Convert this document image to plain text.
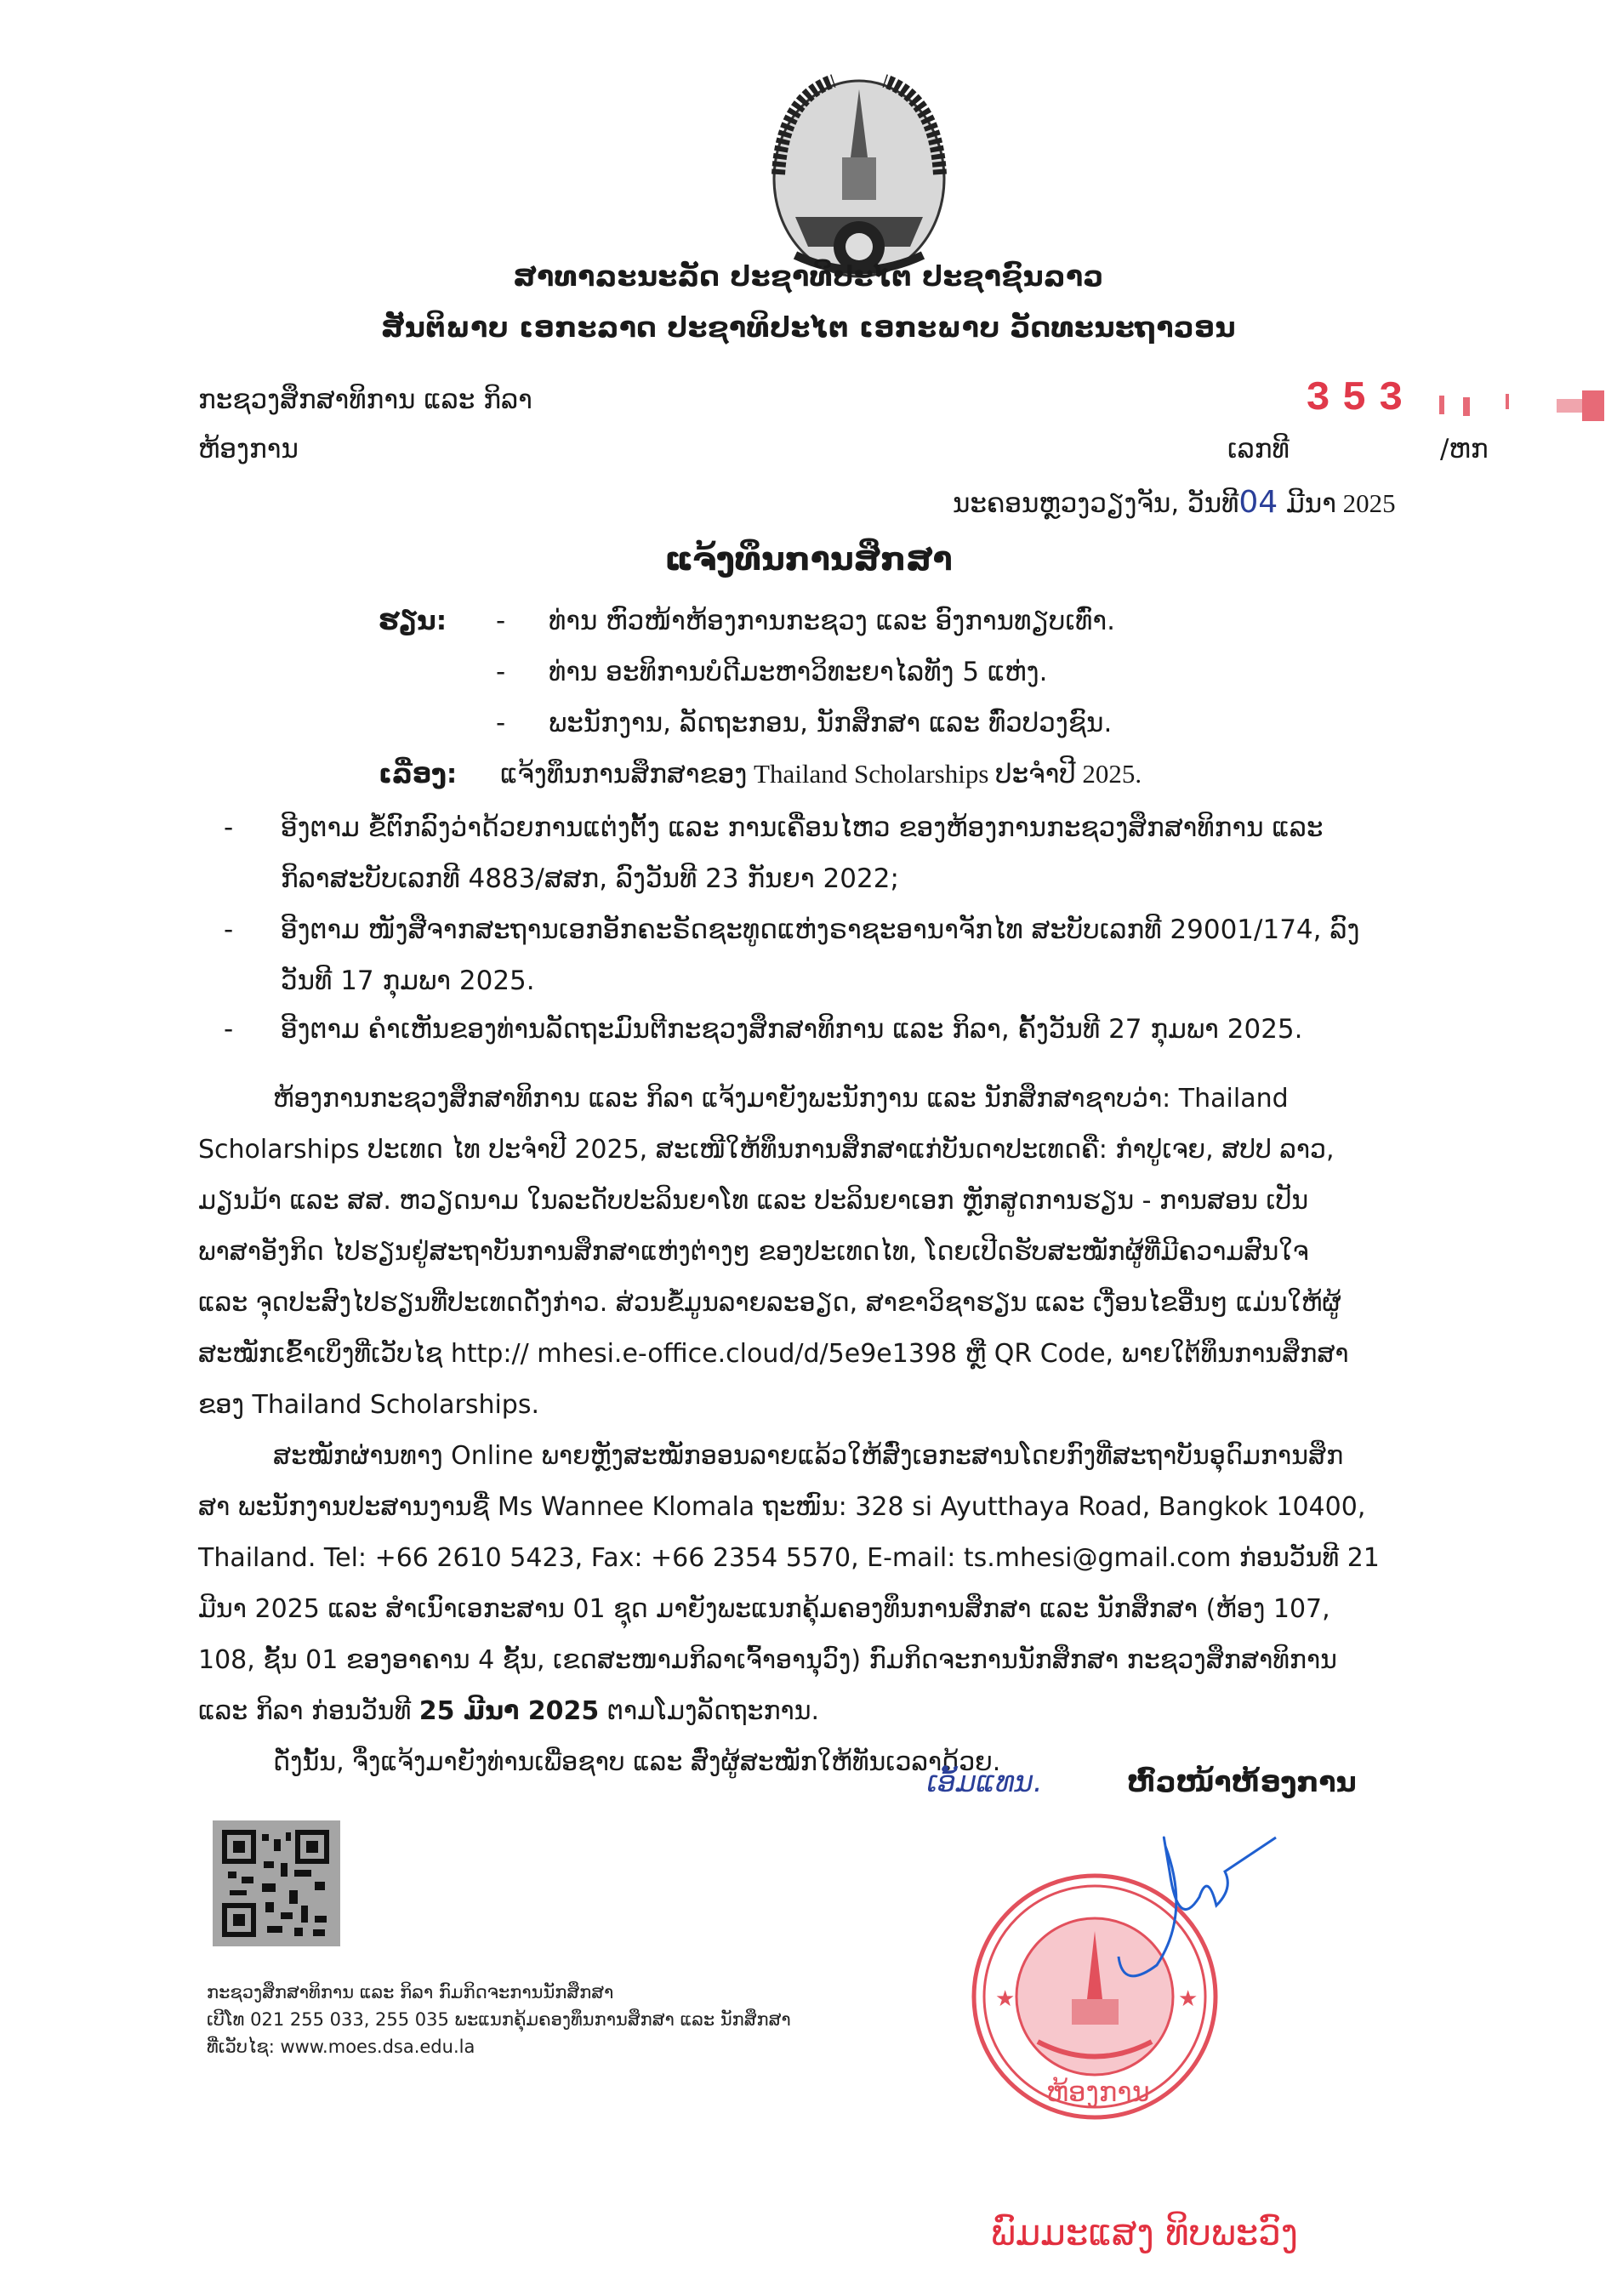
ສາທາລະນະລັດ ປະຊາທິປະໄຕ ປະຊາຊົນລາວ
ສັນຕິພາບ ເອກະລາດ ປະຊາທິປະໄຕ ເອກະພາບ ວັດທະນະຖາວອນ
ກະຊວງສຶກສາທິການ ແລະ ກິລາ
ຫ້ອງການ
353
ເລກທີ	/ຫກ
ນະຄອນຫຼວງວຽງຈັນ, ວັນທີ04 ມີນາ 2025
ແຈ້ງທຶນການສຶກສາ
ຮຽນ: - ທ່ານ ຫົວໜ້າຫ້ອງການກະຊວງ ແລະ ອົງການທຽບເທົ່າ.
- ທ່ານ ອະທິການບໍດີມະຫາວິທະຍາໄລທັງ 5 ແຫ່ງ.
- ພະນັກງານ, ລັດຖະກອນ, ນັກສຶກສາ ແລະ ທົ່ວປວງຊົນ.
ເລື່ອງ: ແຈ້ງທຶນການສຶກສາຂອງ Thailand Scholarships ປະຈໍາປີ 2025.
- ອີງຕາມ ຂໍ້ຕົກລົງວ່າດ້ວຍການແຕ່ງຕັ້ງ ແລະ ການເຄື່ອນໄຫວ ຂອງຫ້ອງການກະຊວງສຶກສາທິການ ແລະ
ກິລາສະບັບເລກທີ 4883/ສສກ, ລົງວັນທີ 23 ກັນຍາ 2022;
- ອີງຕາມ ໜັງສືຈາກສະຖານເອກອັກຄະຣັດຊະທູດແຫ່ງຣາຊະອານາຈັກໄທ ສະບັບເລກທີ 29001/174, ລົງ
ວັນທີ 17 ກຸມພາ 2025.
- ອີງຕາມ ຄໍາເຫັນຂອງທ່ານລັດຖະມົນຕີກະຊວງສຶກສາທິການ ແລະ ກິລາ, ຄັ້ງວັນທີ 27 ກຸມພາ 2025.
ຫ້ອງການກະຊວງສຶກສາທິການ ແລະ ກິລາ ແຈ້ງມາຍັງພະນັກງານ ແລະ ນັກສຶກສາຊາບວ່າ: Thailand
Scholarships ປະເທດ ໄທ ປະຈໍາປີ 2025, ສະເໜີໃຫ້ທຶນການສຶກສາແກ່ບັນດາປະເທດຄື: ກໍາປູເຈຍ, ສປປ ລາວ,
ມຽນມ້າ ແລະ ສສ. ຫວຽດນາມ ໃນລະດັບປະລິນຍາໂທ ແລະ ປະລິນຍາເອກ ຫຼັກສູດການຮຽນ - ການສອນ ເປັນ
ພາສາອັງກິດ ໄປຮຽນຢູ່ສະຖາບັນການສຶກສາແຫ່ງຕ່າງໆ ຂອງປະເທດໄທ, ໂດຍເປີດຮັບສະໝັກຜູ້ທີ່ມີຄວາມສົນໃຈ
ແລະ ຈຸດປະສົງໄປຮຽນທີ່ປະເທດດັ່ງກ່າວ. ສ່ວນຂໍ້ມູນລາຍລະອຽດ, ສາຂາວິຊາຮຽນ ແລະ ເງື່ອນໄຂອື່ນໆ ແມ່ນໃຫ້ຜູ້
ສະໝັກເຂົ້າເບິ່ງທີ່ເວັບໄຊ http:// mhesi.e-office.cloud/d/5e9e1398 ຫຼື QR Code, ພາຍໃຕ້ທຶນການສຶກສາ
ຂອງ Thailand Scholarships.
ສະໝັກຜ່ານທາງ Online ພາຍຫຼັງສະໝັກອອນລາຍແລ້ວໃຫ້ສົ່ງເອກະສານໂດຍກົງທີ່ສະຖາບັນອຸດົມການສຶກ
ສາ ພະນັກງານປະສານງານຊື່ Ms Wannee Klomala ຖະໜົນ: 328 si Ayutthaya Road, Bangkok 10400,
Thailand. Tel: +66 2610 5423, Fax: +66 2354 5570, E-mail: ts.mhesi@gmail.com ກ່ອນວັນທີ 21
ມີນາ 2025 ແລະ ສໍາເນົາເອກະສານ 01 ຊຸດ ມາຍັງພະແນກຄຸ້ມຄອງທຶນການສຶກສາ ແລະ ນັກສຶກສາ (ຫ້ອງ 107,
108, ຊັ້ນ 01 ຂອງອາຄານ 4 ຊັ້ນ, ເຂດສະໜາມກິລາເຈົ້າອານຸວົງ) ກົມກິດຈະການນັກສຶກສາ ກະຊວງສຶກສາທິການ
ແລະ ກິລາ ກ່ອນວັນທີ 25 ມີນາ 2025 ຕາມໂມງລັດຖະການ.
ດັ່ງນັ້ນ, ຈຶ່ງແຈ້ງມາຍັງທ່ານເພື່ອຊາບ ແລະ ສົ່ງຜູ້ສະໝັກໃຫ້ທັນເວລາດ້ວຍ.
ເອັ້ມແທນ.	ຫົວໜ້າຫ້ອງການ
★	★
ຫ້ອງການ
ພົມມະແສງ ທິບພະວົງ
ກະຊວງສຶກສາທິການ ແລະ ກິລາ ກົມກິດຈະການນັກສຶກສາ
ເບີໂທ 021 255 033, 255 035 ພະແນກຄຸ້ມຄອງທຶນການສຶກສາ ແລະ ນັກສຶກສາ
ທີ່ເວັບໄຊ: www.moes.dsa.edu.la
